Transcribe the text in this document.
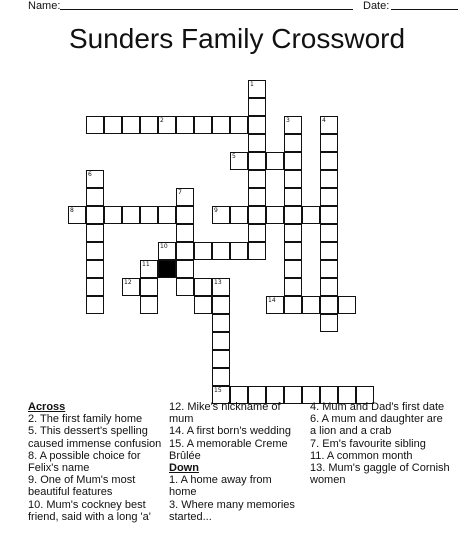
Name:	Date:
Sunders Family Crossword
1
2	3	4
5
6
7
8	9
10
11
12	13
14
15

Across

2. The first family home

5. This dessert's spelling caused immense confusion

8. A possible choice for Felix's name

9. One of Mum's most beautiful features

10. Mum's cockney best friend, said with a long 'a'

12. Mike's nickname of mum

14. A first born's wedding

15. A memorable Creme Brûlée

Down

1. A home away from home

3. Where many memories started...

4. Mum and Dad's first date

6. A mum and daughter are a lion and a crab

7. Em's favourite sibling

11. A common month

13. Mum's gaggle of Cornish women
